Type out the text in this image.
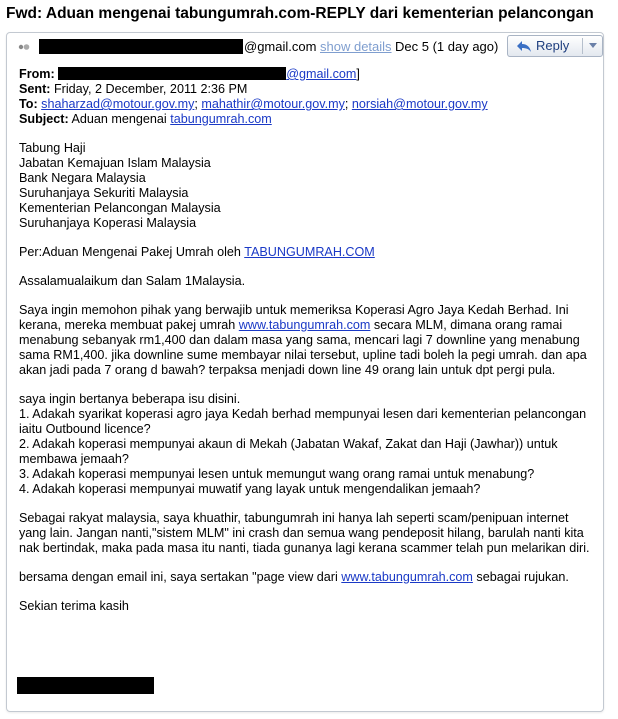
Fwd: Aduan mengenai tabungumrah.com-REPLY dari kementerian pelancongan
@gmail.com show details Dec 5 (1 day ago)	Reply
From:	@gmail.com]
Sent: Friday, 2 December, 2011 2:36 PM
To: shaharzad@motour.gov.my; mahathir@motour.gov.my; norsiah@motour.gov.my
Subject: Aduan mengenai tabungumrah.com

Tabung Haji

Jabatan Kemajuan Islam Malaysia

Bank Negara Malaysia

Suruhanjaya Sekuriti Malaysia

Kementerian Pelancongan Malaysia

Suruhanjaya Koperasi Malaysia

Per:Aduan Mengenai Pakej Umrah oleh TABUNGUMRAH.COM

Assalamualaikum dan Salam 1Malaysia.

Saya ingin memohon pihak yang berwajib untuk memeriksa Koperasi Agro Jaya Kedah Berhad. Ini kerana, mereka membuat pakej umrah www.tabungumrah.com secara MLM, dimana orang ramai menabung sebanyak rm1,400 dan dalam masa yang sama, mencari lagi 7 downline yang menabung sama RM1,400. jika downline sume membayar nilai tersebut, upline tadi boleh la pegi umrah. dan apa akan jadi pada 7 orang d bawah? terpaksa menjadi down line 49 orang lain untuk dpt pergi pula.

saya ingin bertanya beberapa isu disini.

1. Adakah syarikat koperasi agro jaya Kedah berhad mempunyai lesen dari kementerian pelancongan iaitu Outbound licence?

2. Adakah koperasi mempunyai akaun di Mekah (Jabatan Wakaf, Zakat dan Haji (Jawhar)) untuk membawa jemaah?

3. Adakah koperasi mempunyai lesen untuk memungut wang orang ramai untuk menabung?

4. Adakah koperasi mempunyai muwatif yang layak untuk mengendalikan jemaah?

Sebagai rakyat malaysia, saya khuathir, tabungumrah ini hanya lah seperti scam/penipuan internet yang lain. Jangan nanti,"sistem MLM" ini crash dan semua wang pendeposit hilang, barulah nanti kita nak bertindak, maka pada masa itu nanti, tiada gunanya lagi kerana scammer telah pun melarikan diri.

bersama dengan email ini, saya sertakan "page view dari www.tabungumrah.com sebagai rujukan.

Sekian terima kasih
